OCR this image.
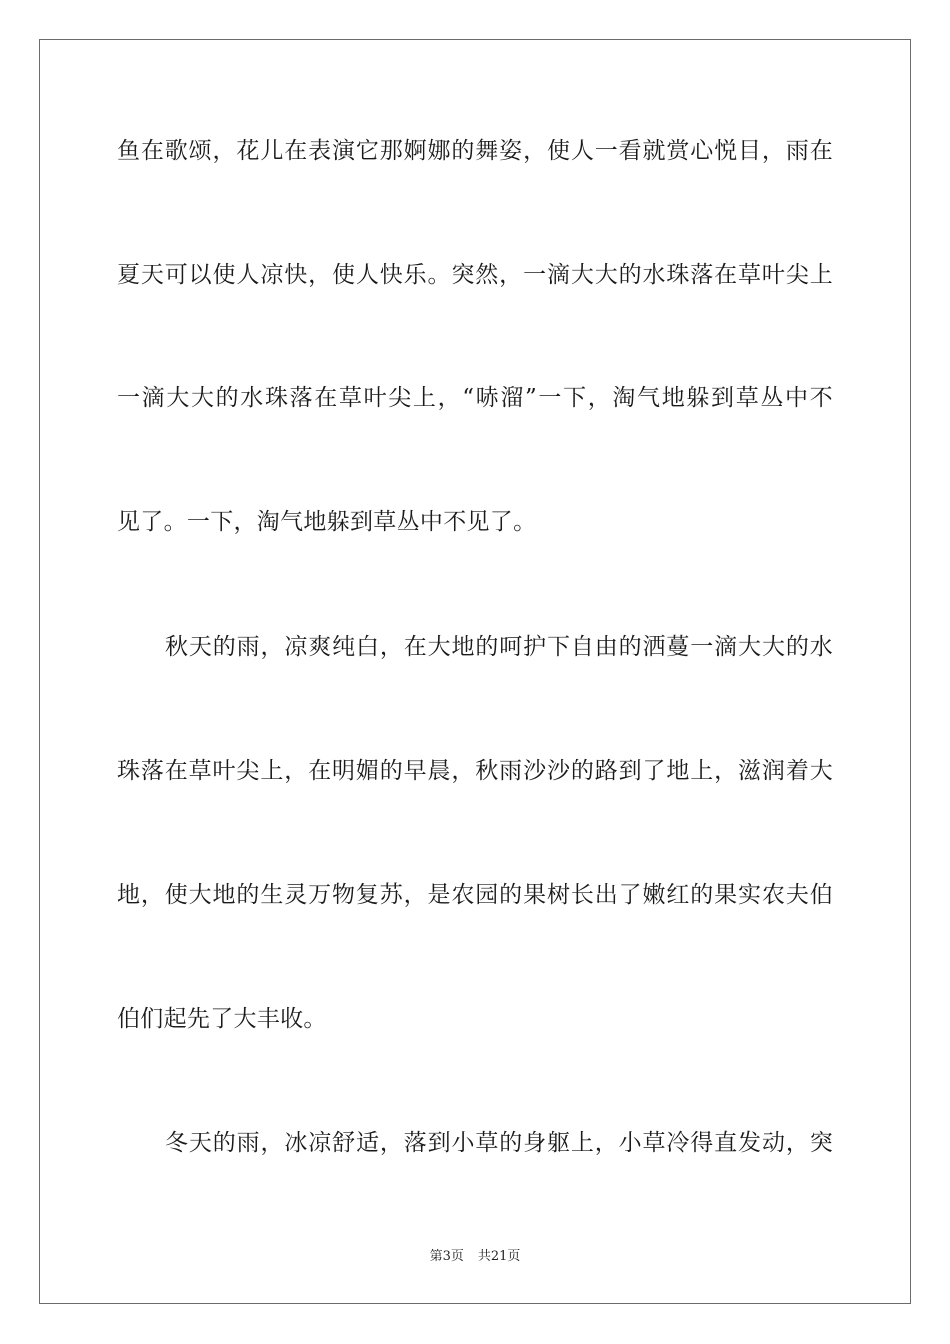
鱼在歌颂，花儿在表演它那婀娜的舞姿，使人一看就赏心悦目，雨在
夏天可以使人凉快，使人快乐。突然，一滴大大的水珠落在草叶尖上
一滴大大的水珠落在草叶尖上，“哧溜”一下，淘气地躲到草丛中不
见了。一下，淘气地躲到草丛中不见了。
秋天的雨，凉爽纯白，在大地的呵护下自由的洒蔓一滴大大的水
珠落在草叶尖上，在明媚的早晨，秋雨沙沙的路到了地上，滋润着大
地，使大地的生灵万物复苏，是农园的果树长出了嫩红的果实农夫伯
伯们起先了大丰收。
冬天的雨，冰凉舒适，落到小草的身躯上，小草冷得直发动，突
第3页 共21页
